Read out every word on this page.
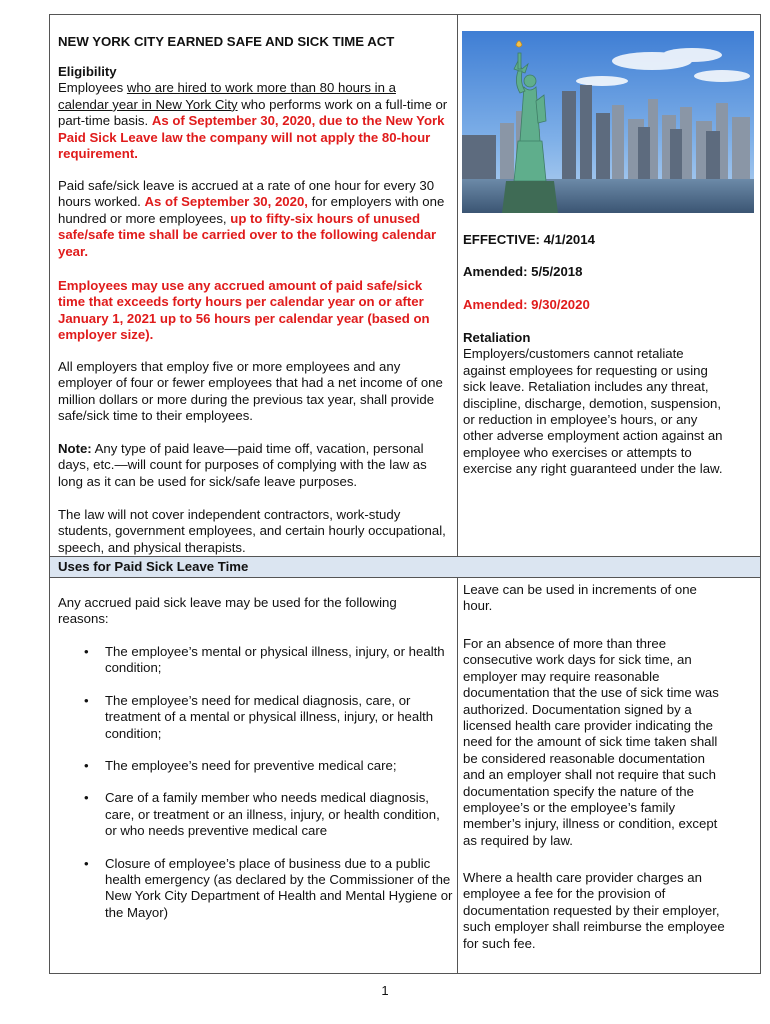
NEW YORK CITY EARNED SAFE AND SICK TIME ACT

Eligibility

Employees who are hired to work more than 80 hours in a calendar year in New York City who performs work on a full-time or part-time basis. As of September 30, 2020, due to the New York Paid Sick Leave law the company will not apply the 80-hour requirement.

Paid safe/sick leave is accrued at a rate of one hour for every 30 hours worked. As of September 30, 2020, for employers with one hundred or more employees, up to fifty-six hours of unused safe/safe time shall be carried over to the following calendar year.

Employees may use any accrued amount of paid safe/sick time that exceeds forty hours per calendar year on or after January 1, 2021 up to 56 hours per calendar year (based on employer size).

All employers that employ five or more employees and any employer of four or fewer employees that had a net income of one million dollars or more during the previous tax year, shall provide safe/sick time to their employees.

Note: Any type of paid leave—paid time off, vacation, personal days, etc.—will count for purposes of complying with the law as long as it can be used for sick/safe leave purposes.

The law will not cover independent contractors, work-study students, government employees, and certain hourly occupational, speech, and physical therapists.

EFFECTIVE: 4/1/2014
Amended: 5/5/2018
Amended: 9/30/2020

Retaliation

Employers/customers cannot retaliate against employees for requesting or using sick leave. Retaliation includes any threat, discipline, discharge, demotion, suspension, or reduction in employee’s hours, or any other adverse employment action against an employee who exercises or attempts to exercise any right guaranteed under the law.

Uses for Paid Sick Leave Time
Any accrued paid sick leave may be used for the following reasons:
• The employee’s mental or physical illness, injury, or health condition;
• The employee’s need for medical diagnosis, care, or treatment of a mental or physical illness, injury, or health condition;
• The employee’s need for preventive medical care;
• Care of a family member who needs medical diagnosis, care, or treatment or an illness, injury, or health condition, or who needs preventive medical care
• Closure of employee’s place of business due to a public health emergency (as declared by the Commissioner of the New York City Department of Health and Mental Hygiene or the Mayor)
Leave can be used in increments of one hour.
For an absence of more than three consecutive work days for sick time, an employer may require reasonable documentation that the use of sick time was authorized. Documentation signed by a licensed health care provider indicating the need for the amount of sick time taken shall be considered reasonable documentation and an employer shall not require that such documentation specify the nature of the employee’s or the employee’s family member’s injury, illness or condition, except as required by law.
Where a health care provider charges an employee a fee for the provision of documentation requested by their employer, such employer shall reimburse the employee for such fee.
1
